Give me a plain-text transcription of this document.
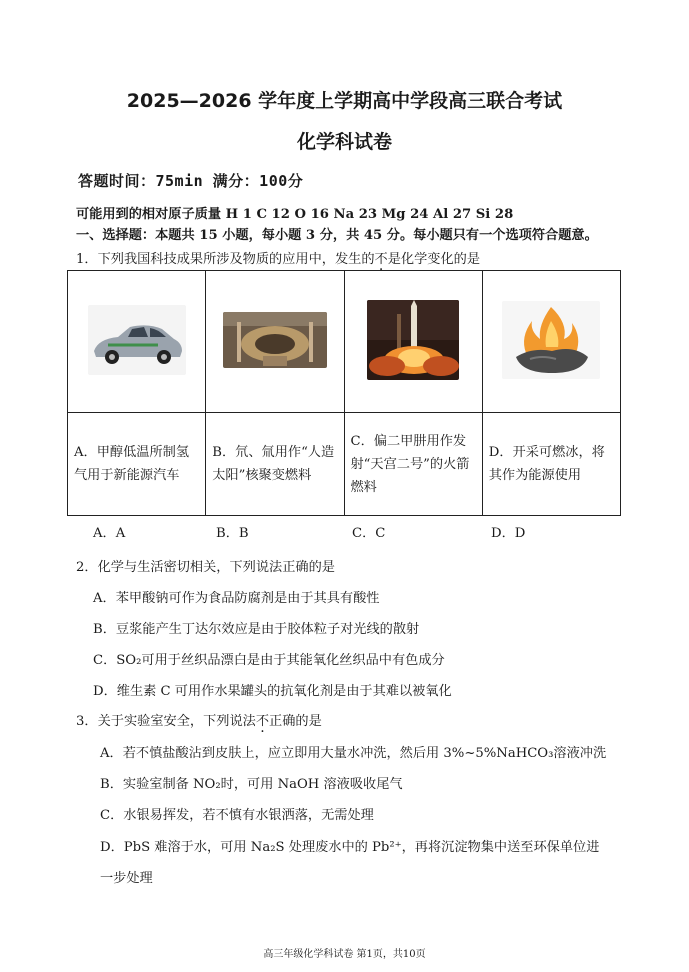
2025—2026 学年度上学期高中学段高三联合考试
化学科试卷
答题时间：75min 满分：100分
可能用到的相对原子质量 H 1 C 12 O 16 Na 23 Mg 24 Al 27 Si 28
一、选择题：本题共 15 小题，每小题 3 分，共 45 分。每小题只有一个选项符合题意。
1．下列我国科技成果所涉及物质的应用中，发生的不是化学变化的是

A．甲醇低温所制氢气用于新能源汽车	B．氘、氚用作“人造太阳”核聚变燃料	C．偏二甲肼用作发射“天宫二号”的火箭燃料	D．开采可燃冰，将其作为能源使用
A．A	B．B	C．C	D．D
2．化学与生活密切相关，下列说法正确的是
A．苯甲酸钠可作为食品防腐剂是由于其具有酸性
B．豆浆能产生丁达尔效应是由于胶体粒子对光线的散射
C．SO₂可用于丝织品漂白是由于其能氧化丝织品中有色成分
D．维生素 C 可用作水果罐头的抗氧化剂是由于其难以被氧化
3．关于实验室安全，下列说法不正确的是
A．若不慎盐酸沾到皮肤上，应立即用大量水冲洗，然后用 3%~5%NaHCO₃溶液冲洗
B．实验室制备 NO₂时，可用 NaOH 溶液吸收尾气
C．水银易挥发，若不慎有水银洒落，无需处理
D．PbS 难溶于水，可用 Na₂S 处理废水中的 Pb²⁺，再将沉淀物集中送至环保单位进
一步处理
高三年级化学科试卷 第1页，共10页
